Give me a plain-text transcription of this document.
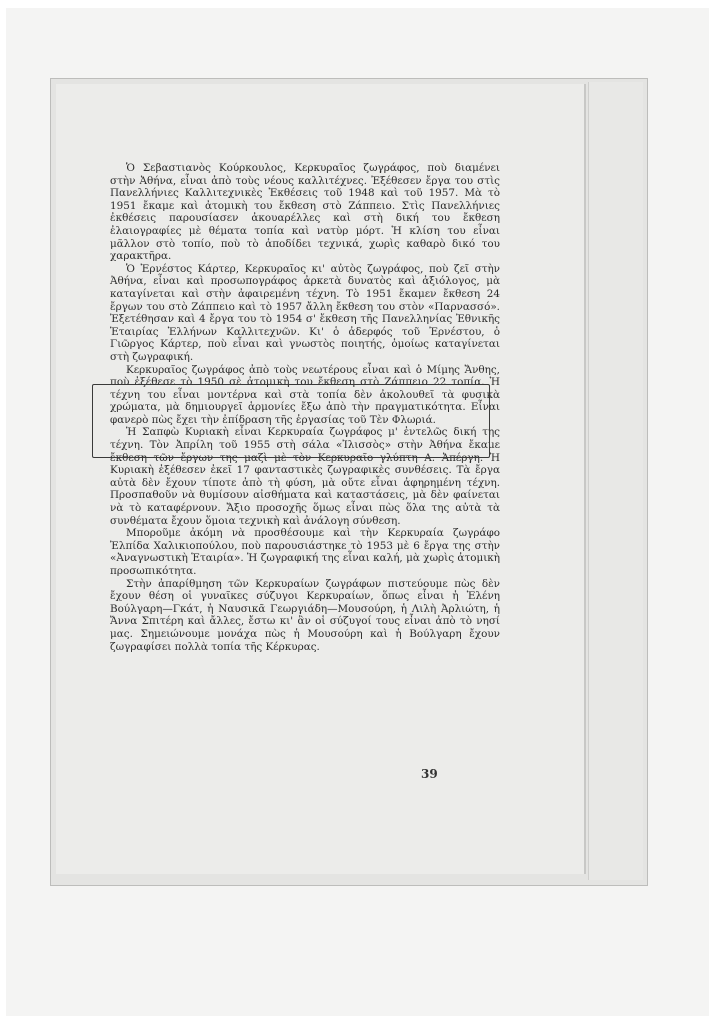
Ὁ Σεβαστιανὸς Κούρκουλος, Κερκυραῖος ζωγράφος, ποὺ διαμένει στὴν Ἀθήνα, εἶναι ἀπὸ τοὺς νέους καλλιτέχνες. Ἐξέθεσεν ἔργα του στὶς Πανελλήνιες Καλλιτεχνικὲς Ἐκθέσεις τοῦ 1948 καὶ τοῦ 1957. Μὰ τὸ 1951 ἔκαμε καὶ ἀτομικὴ του ἔκθεση στὸ Ζάππειο. Στὶς Πανελλήνιες ἐκθέσεις παρουσίασεν ἀκουαρέλλες καὶ στὴ δική του ἔκθεση ἐλαιογραφίες μὲ θέματα τοπία καὶ νατὺρ μόρτ. Ἡ κλίση του εἶναι μᾶλλον στὸ τοπίο, ποὺ τὸ ἀποδίδει τεχνικά, χωρὶς καθαρὸ δικό του χαρακτῆρα.

Ὁ Ἐρνέστος Κάρτερ, Κερκυραῖος κι' αὐτὸς ζωγράφος, ποὺ ζεῖ στὴν Ἀθήνα, εἶναι καὶ προσωπογράφος ἀρκετὰ δυνατὸς καὶ ἀξιόλογος, μὰ καταγίνεται καὶ στὴν ἀφαιρεμένη τέχνη. Τὸ 1951 ἔκαμεν ἔκθεση 24 ἔργων του στὸ Ζάππειο καὶ τὸ 1957 ἄλλη ἔκθεση του στὸν «Παρνασσό». Ἐξετέθησαν καὶ 4 ἔργα του τὸ 1954 σ' ἔκθεση τῆς Πανελληνίας Ἐθνικῆς Ἑταιρίας Ἑλλήνων Καλλιτεχνῶν. Κι' ὁ ἀδερφός τοῦ Ἐρνέστου, ὁ Γιῶργος Κάρτερ, ποὺ εἶναι καὶ γνωστὸς ποιητής, ὁμοίως καταγίνεται στὴ ζωγραφική.

Κερκυραῖος ζωγράφος ἀπὸ τοὺς νεωτέρους εἶναι καὶ ὁ Μίμης Ἄνθης, ποὺ ἐξέθεσε τὸ 1950 σὲ ἀτομικὴ του ἔκθεση στὸ Ζάππειο 22 τοπία. Ἡ τέχνη του εἶναι μοντέρνα καὶ στὰ τοπία δὲν ἀκολουθεῖ τὰ φυσικὰ χρώματα, μὰ δημιουργεῖ ἁρμονίες ἔξω ἀπὸ τὴν πραγματικότητα. Εἶναι φανερὸ πὼς ἔχει τὴν ἐπίδραση τῆς ἐργασίας τοῦ Τὲν Φλωριά.

Ἡ Σαπφὼ Κυριακὴ εἶναι Κερκυραία ζωγράφος μ' ἐντελῶς δική της τέχνη. Τὸν Ἀπρίλη τοῦ 1955 στὴ σάλα «Ἰλισσὸς» στὴν Ἀθήνα ἔκαμε ἔκθεση τῶν ἔργων της μαζὶ μὲ τὸν Κερκυραῖο γλύπτη Α. Ἀπέργη. Ἡ Κυριακὴ ἐξέθεσεν ἐκεῖ 17 φανταστικὲς ζωγραφικὲς συνθέσεις. Τὰ ἔργα αὐτὰ δὲν ἔχουν τίποτε ἀπὸ τὴ φύση, μὰ οὔτε εἶναι ἀφηρημένη τέχνη. Προσπαθοῦν νὰ θυμίσουν αἰσθήματα καὶ καταστάσεις, μὰ δὲν φαίνεται νὰ τὸ καταφέρνουν. Ἄξιο προσοχῆς ὅμως εἶναι πὼς ὅλα της αὐτὰ τὰ συνθέματα ἔχουν ὅμοια τεχνικὴ καὶ ἀνάλογη σύνθεση.

Μποροῦμε ἀκόμη νὰ προσθέσουμε καὶ τὴν Κερκυραία ζωγράφο Ἐλπίδα Χαλικιοπούλου, ποὺ παρουσιάστηκε τὸ 1953 μὲ 6 ἔργα της στὴν «Ἀναγνωστικὴ Ἑταιρία». Ἡ ζωγραφική της εἶναι καλή, μὰ χωρὶς ἀτομικὴ προσωπικότητα.

Στὴν ἀπαρίθμηση τῶν Κερκυραίων ζωγράφων πιστεύουμε πὼς δὲν ἔχουν θέση οἱ γυναῖκες σύζυγοι Κερκυραίων, ὅπως εἶναι ἡ Ἑλένη Βούλγαρη—Γκάτ, ἡ Ναυσικᾶ Γεωργιάδη—Μουσούρη, ἡ Λιλὴ Ἀρλιώτη, ἡ Ἄννα Σπιτέρη καὶ ἄλλες, ἔστω κι' ἂν οἱ σύζυγοί τους εἶναι ἀπὸ τὸ νησί μας. Σημειώνουμε μονάχα πὼς ἡ Μουσούρη καὶ ἡ Βούλγαρη ἔχουν ζωγραφίσει πολλὰ τοπία τῆς Κέρκυρας.

39
